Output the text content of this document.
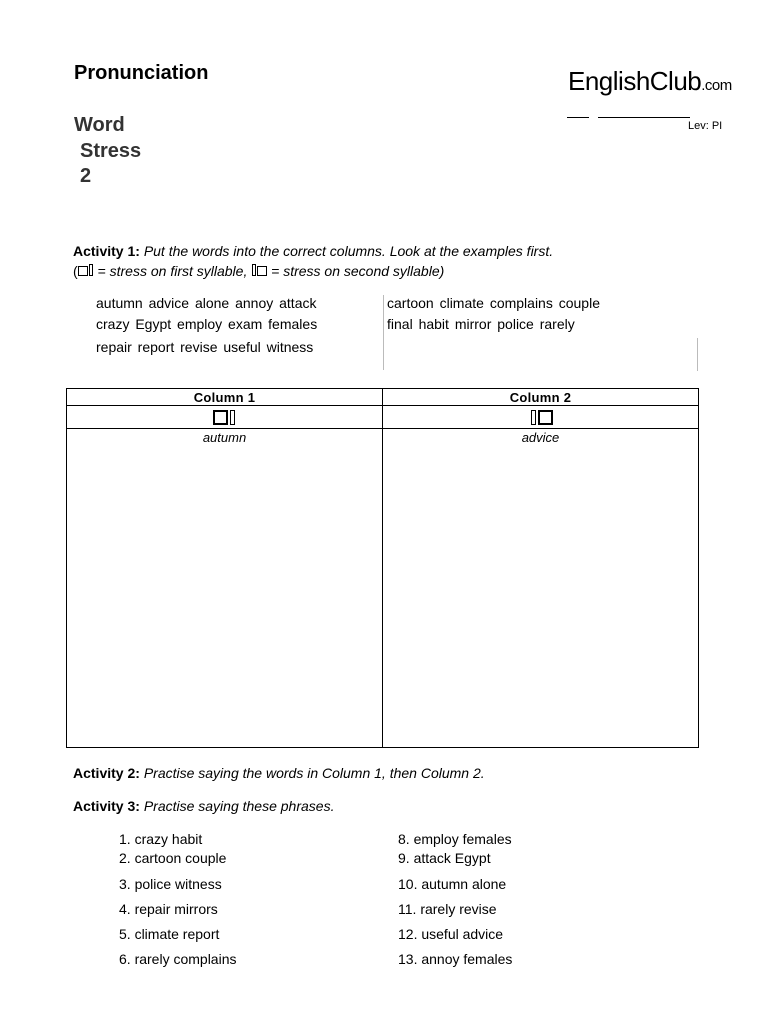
Pronunciation	EnglishClub.com
Lev: PI
Word
Stress
2
Activity 1: Put the words into the correct columns. Look at the examples first.
( = stress on first syllable,  = stress on second syllable)
autumn advice alone annoy attack
crazy Egypt employ exam females
repair report revise useful witness
cartoon climate complains couple
final habit mirror police rarely
Column 1	Column 2

autumn	advice
Activity 2: Practise saying the words in Column 1, then Column 2.
Activity 3: Practise saying these phrases.
1. crazy habit
2. cartoon couple
3. police witness
4. repair mirrors
5. climate report
6. rarely complains
8. employ females
9. attack Egypt
10. autumn alone
11. rarely revise
12. useful advice
13. annoy females
